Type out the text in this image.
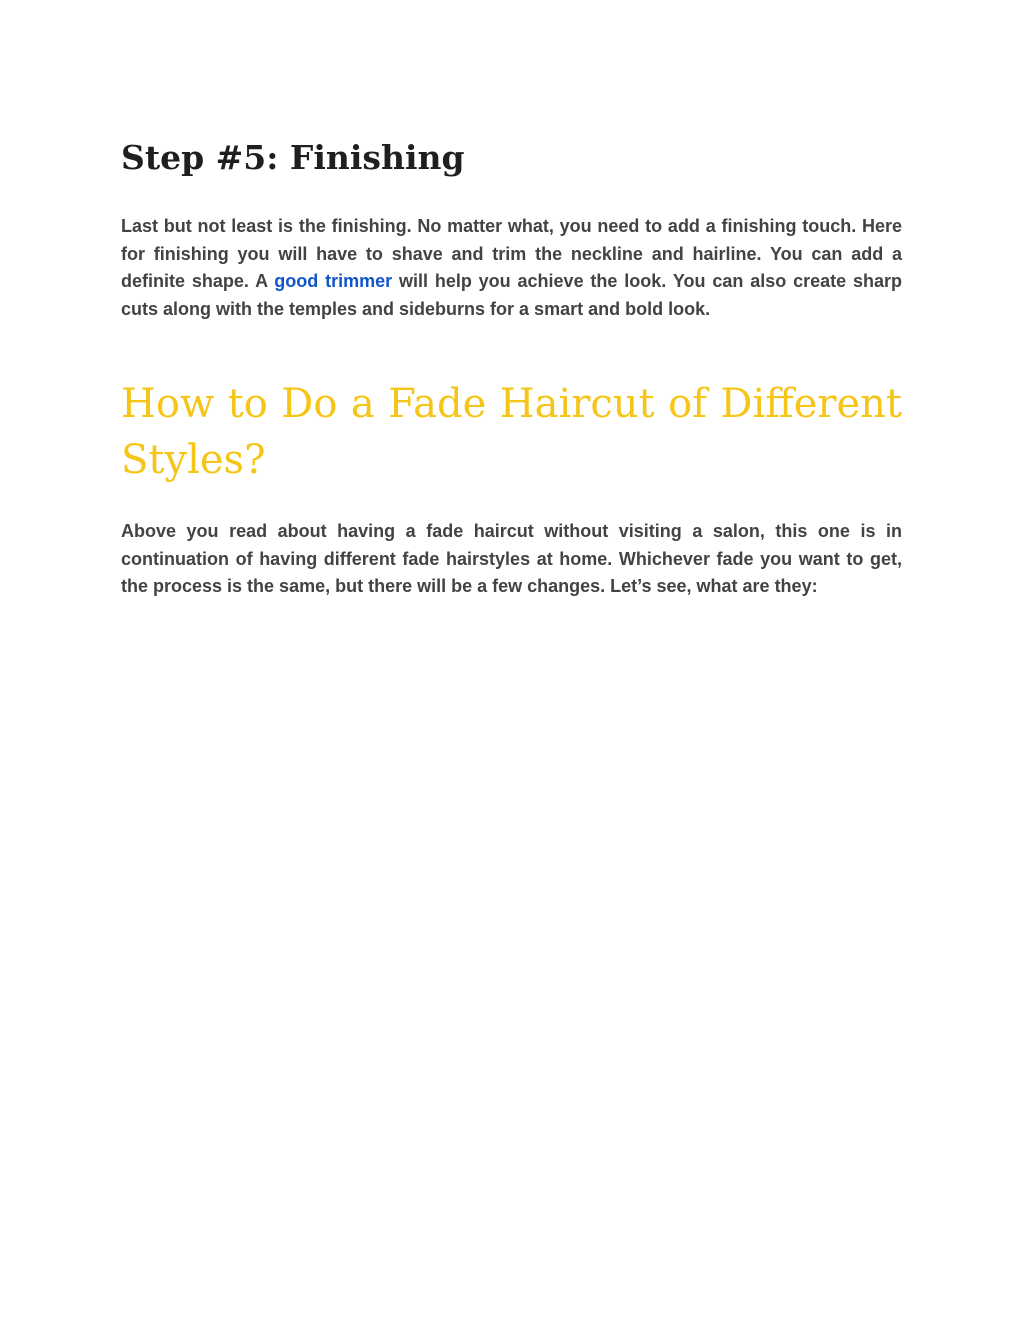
Step #5: Finishing

Last but not least is the finishing. No matter what, you need to add a finishing touch. Here for finishing you will have to shave and trim the neckline and hairline. You can add a definite shape. A good trimmer will help you achieve the look. You can also create sharp cuts along with the temples and sideburns for a smart and bold look.

How to Do a Fade Haircut of Different Styles?

Above you read about having a fade haircut without visiting a salon, this one is in continuation of having different fade hairstyles at home. Whichever fade you want to get, the process is the same, but there will be a few changes. Let’s see, what are they:
